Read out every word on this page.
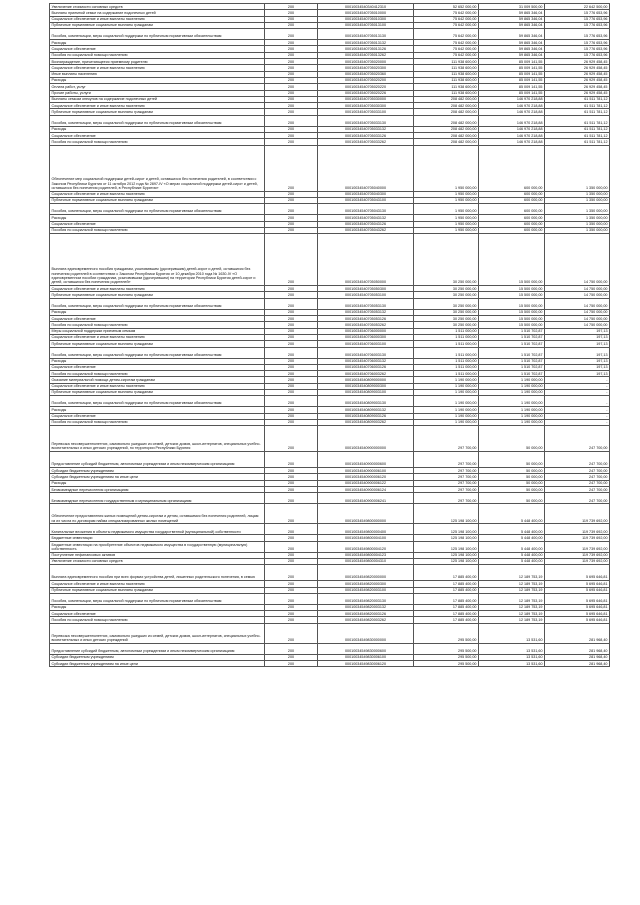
Увеличение стоимости основных средств	200	00010034540340412310	52 652 000,00	31 009 500,00	22 642 500,00
Выплаты приемной семье на содержание подопечных детей	200	00010034540705010000	75 642 000,00	59 865 346,04	15 776 653,96
Социальное обеспечение и иные выплаты населению	200	00010034540705010300	75 642 000,00	59 865 346,04	15 776 653,96
Публичные нормативные социальные выплаты гражданам	200	00010034540705013100	75 642 000,00	59 865 346,04	15 776 653,96
Пособия, компенсации, меры социальной поддержки по публичным нормативным обязательствам	200	00010034540705013130	75 642 000,00	59 865 346,04	15 776 653,96
Расходы	200	00010034540705013132	75 642 000,00	59 865 346,04	15 776 653,96
Социальное обеспечение	200	00010034540705013126	75 642 000,00	59 865 346,04	15 776 653,96
Пособия по социальной помощи населению	200	00010034540705013262	75 642 000,00	59 865 346,04	15 776 653,96
Вознаграждение, причитающееся приемному родителю	200	00010034540705020000	111 938 600,00	85 009 141,55	26 929 458,45
Социальное обеспечение и иные выплаты населению	200	00010034540705020300	111 938 600,00	85 009 141,55	26 929 458,45
Иные выплаты населению	200	00010034540705020360	111 938 600,00	85 009 141,55	26 929 458,45
Расходы	200	00010034540705020200	111 938 600,00	85 009 141,55	26 929 458,45
Оплата работ, услуг	200	00010034540705020220	111 938 600,00	85 009 141,55	26 929 458,45
Прочие работы, услуги	200	00010034540705020226	111 938 600,00	85 009 141,55	26 929 458,45
Выплаты семьям опекунов на содержание подопечных детей	200	00010034540705030000	208 482 000,00	146 970 218,88	61 511 781,12
Социальное обеспечение и иные выплаты населению	200	00010034540705030300	208 482 000,00	146 970 218,88	61 511 781,12
Публичные нормативные социальные выплаты гражданам	200	00010034540705033100	208 482 000,00	146 970 218,88	61 511 781,12
Пособия, компенсации, меры социальной поддержки по публичным нормативным обязательствам	200	00010034540705033130	208 482 000,00	146 970 218,88	61 511 781,12
Расходы	200	00010034540705033132	208 482 000,00	146 970 218,88	61 511 781,12
Социальное обеспечение	200	00010034540705033126	208 482 000,00	146 970 218,88	61 511 781,12
Пособия по социальной помощи населению	200	00010034540705033262	208 482 000,00	146 970 218,88	61 511 781,12
Обеспечение мер социальной поддержки детей-сирот и детей, оставшихся без попечения родителей, в соответствии с Законом Республики Бурятия от 11 октября 2012 года № 2897-IV «О мерах социальной поддержки детей-сирот и детей, оставшихся без попечения родителей, в Республике Бурятия»	200	00010034540705040000	1 950 000,00	600 000,00	1 350 000,00
Социальное обеспечение и иные выплаты населению	200	00010034540705040300	1 950 000,00	600 000,00	1 350 000,00
Публичные нормативные социальные выплаты гражданам	200	00010034540705043100	1 950 000,00	600 000,00	1 350 000,00
Пособия, компенсации, меры социальной поддержки по публичным нормативным обязательствам	200	00010034540705043130	1 950 000,00	600 000,00	1 350 000,00
Расходы	200	00010034540705043132	1 950 000,00	600 000,00	1 350 000,00
Социальное обеспечение	200	00010034540705043126	1 950 000,00	600 000,00	1 350 000,00
Пособия по социальной помощи населению	200	00010034540705043262	1 950 000,00	600 000,00	1 350 000,00
Выплата единовременного пособия гражданам, усыновившим (удочерившим) детей-сирот и детей, оставшихся без попечения родителей в соответствии с Законом Республики Бурятия от 10 декабря 2010 года № 1630-IV «О единовременном пособии гражданам, усыновившим (удочерившим) на территории Республики Бурятия детей-сирот и детей, оставшихся без попечения родителей»	200	00010034540705050000	30 250 000,00	15 500 000,00	14 750 000,00
Социальное обеспечение и иные выплаты населению	200	00010034540705050300	30 250 000,00	15 500 000,00	14 750 000,00
Публичные нормативные социальные выплаты гражданам	200	00010034540705053100	30 250 000,00	15 500 000,00	14 750 000,00
Пособия, компенсации, меры социальной поддержки по публичным нормативным обязательствам	200	00010034540705053130	30 250 000,00	15 500 000,00	14 750 000,00
Расходы	200	00010034540705053132	30 250 000,00	15 500 000,00	14 750 000,00
Социальное обеспечение	200	00010034540705053126	30 250 000,00	15 500 000,00	14 750 000,00
Пособия по социальной помощи населению	200	00010034540705053262	30 250 000,00	15 500 000,00	14 750 000,00
Меры социальной поддержки приемным семьям	200	00010034540706000000	1 511 000,00	1 510 702,87	197,13
Социальное обеспечение и иные выплаты населению	200	00010034540706000300	1 511 000,00	1 510 702,87	197,13
Публичные нормативные социальные выплаты гражданам	200	00010034540706003100	1 511 000,00	1 510 702,87	197,13
Пособия, компенсации, меры социальной поддержки по публичным нормативным обязательствам	200	00010034540706003130	1 511 000,00	1 510 702,87	197,13
Расходы	200	00010034540706003132	1 511 000,00	1 510 702,87	197,13
Социальное обеспечение	200	00010034540706003126	1 511 000,00	1 510 702,87	197,13
Пособия по социальной помощи населению	200	00010034540706003262	1 511 000,00	1 510 702,87	197,13
Оказание материальной помощи детям-сиротам гражданам	200	00010034540809000000	1 190 000,00	1 190 000,00	-
Социальное обеспечение и иные выплаты населению	200	00010034540809000300	1 190 000,00	1 190 000,00	-
Публичные нормативные социальные выплаты гражданам	200	00010034540809003100	1 190 000,00	1 190 000,00	-
Пособия, компенсации, меры социальной поддержки по публичным нормативным обязательствам	200	00010034540809003130	1 190 000,00	1 190 000,00	-
Расходы	200	00010034540809003132	1 190 000,00	1 190 000,00	-
Социальное обеспечение	200	00010034540809003126	1 190 000,00	1 190 000,00	-
Пособия по социальной помощи населению	200	00010034540809003262	1 190 000,00	1 190 000,00	-
Перевозка несовершеннолетних, самовольно ушедших из семей, детских домов, школ-интернатов, специальных учебно-воспитательных и иных детских учреждений, по территории Республики Бурятия	200	00010034540900000000	297 700,00	50 000,00	247 700,00
Предоставление субсидий бюджетным, автономным учреждениям и иным некоммерческим организациям	200	00010034540900000600	297 700,00	50 000,00	247 700,00
Субсидии бюджетным учреждениям	200	00010034540900006100	297 700,00	50 000,00	247 700,00
Субсидии бюджетным учреждениям на иные цели	200	00010034540900006120	297 700,00	50 000,00	247 700,00
Расходы	200	00010034540900006122	297 700,00	50 000,00	247 700,00
Безвозмездные перечисления организациям	200	00010034540900006124	297 700,00	50 000,00	247 700,00
Безвозмездные перечисления государственным и муниципальным организациям	200	00010034540900006241	297 700,00	50 000,00	247 700,00
Обеспечение предоставления жилых помещений детям-сиротам и детям, оставшимся без попечения родителей, лицам из их числа по договорам найма специализированных жилых помещений	200	00010034549800000000	125 198 100,00	5 448 400,00	119 739 692,00
Капитальные вложения в объекты недвижимого имущества государственной (муниципальной) собственности	200	00010034549800000400	125 198 100,00	5 448 400,00	119 739 692,00
Бюджетные инвестиции	200	00010034549800004100	125 198 100,00	5 448 400,00	119 739 692,00
Бюджетные инвестиции на приобретение объектов недвижимого имущества в государственную (муниципальную) собственность	200	00010034549800004120	125 198 100,00	5 448 400,00	119 739 692,00
Поступление нефинансовых активов	200	00010034549800004123	125 198 100,00	5 448 400,00	119 739 692,00
Увеличение стоимости основных средств	200	00010034549800004310	125 198 100,00	5 448 400,00	119 739 692,00
Выплата единовременного пособия при всех формах устройства детей, лишенных родительского попечения, в семью	200	00010034549820000000	17 885 400,00	12 189 753,19	5 695 646,81
Социальное обеспечение и иные выплаты населению	200	00010034549820000300	17 885 400,00	12 189 753,19	5 695 646,81
Публичные нормативные социальные выплаты гражданам	200	00010034549820003100	17 885 400,00	12 189 753,19	5 695 646,81
Пособия, компенсации, меры социальной поддержки по публичным нормативным обязательствам	200	00010034549820003130	17 885 400,00	12 189 753,19	5 695 646,81
Расходы	200	00010034549820003132	17 885 400,00	12 189 753,19	5 695 646,81
Социальное обеспечение	200	00010034549820003126	17 885 400,00	12 189 753,19	5 695 646,81
Пособия по социальной помощи населению	200	00010034549820003262	17 885 400,00	12 189 753,19	5 695 646,81
Перевозка несовершеннолетних, самовольно ушедших из семей, детских домов, школ-интернатов, специальных учебно-воспитательных и иных детских учреждений	200	00010034549830000000	295 500,00	13 531,60	281 968,40
Предоставление субсидий бюджетным, автономным учреждениям и иным некоммерческим организациям	200	00010034549830000600	295 500,00	13 531,60	281 968,40
Субсидии бюджетным учреждениям	200	00010034549830006100	295 500,00	13 531,60	281 968,40
Субсидии бюджетным учреждениям на иные цели	200	00010034549830006120	295 500,00	13 531,60	281 968,40
